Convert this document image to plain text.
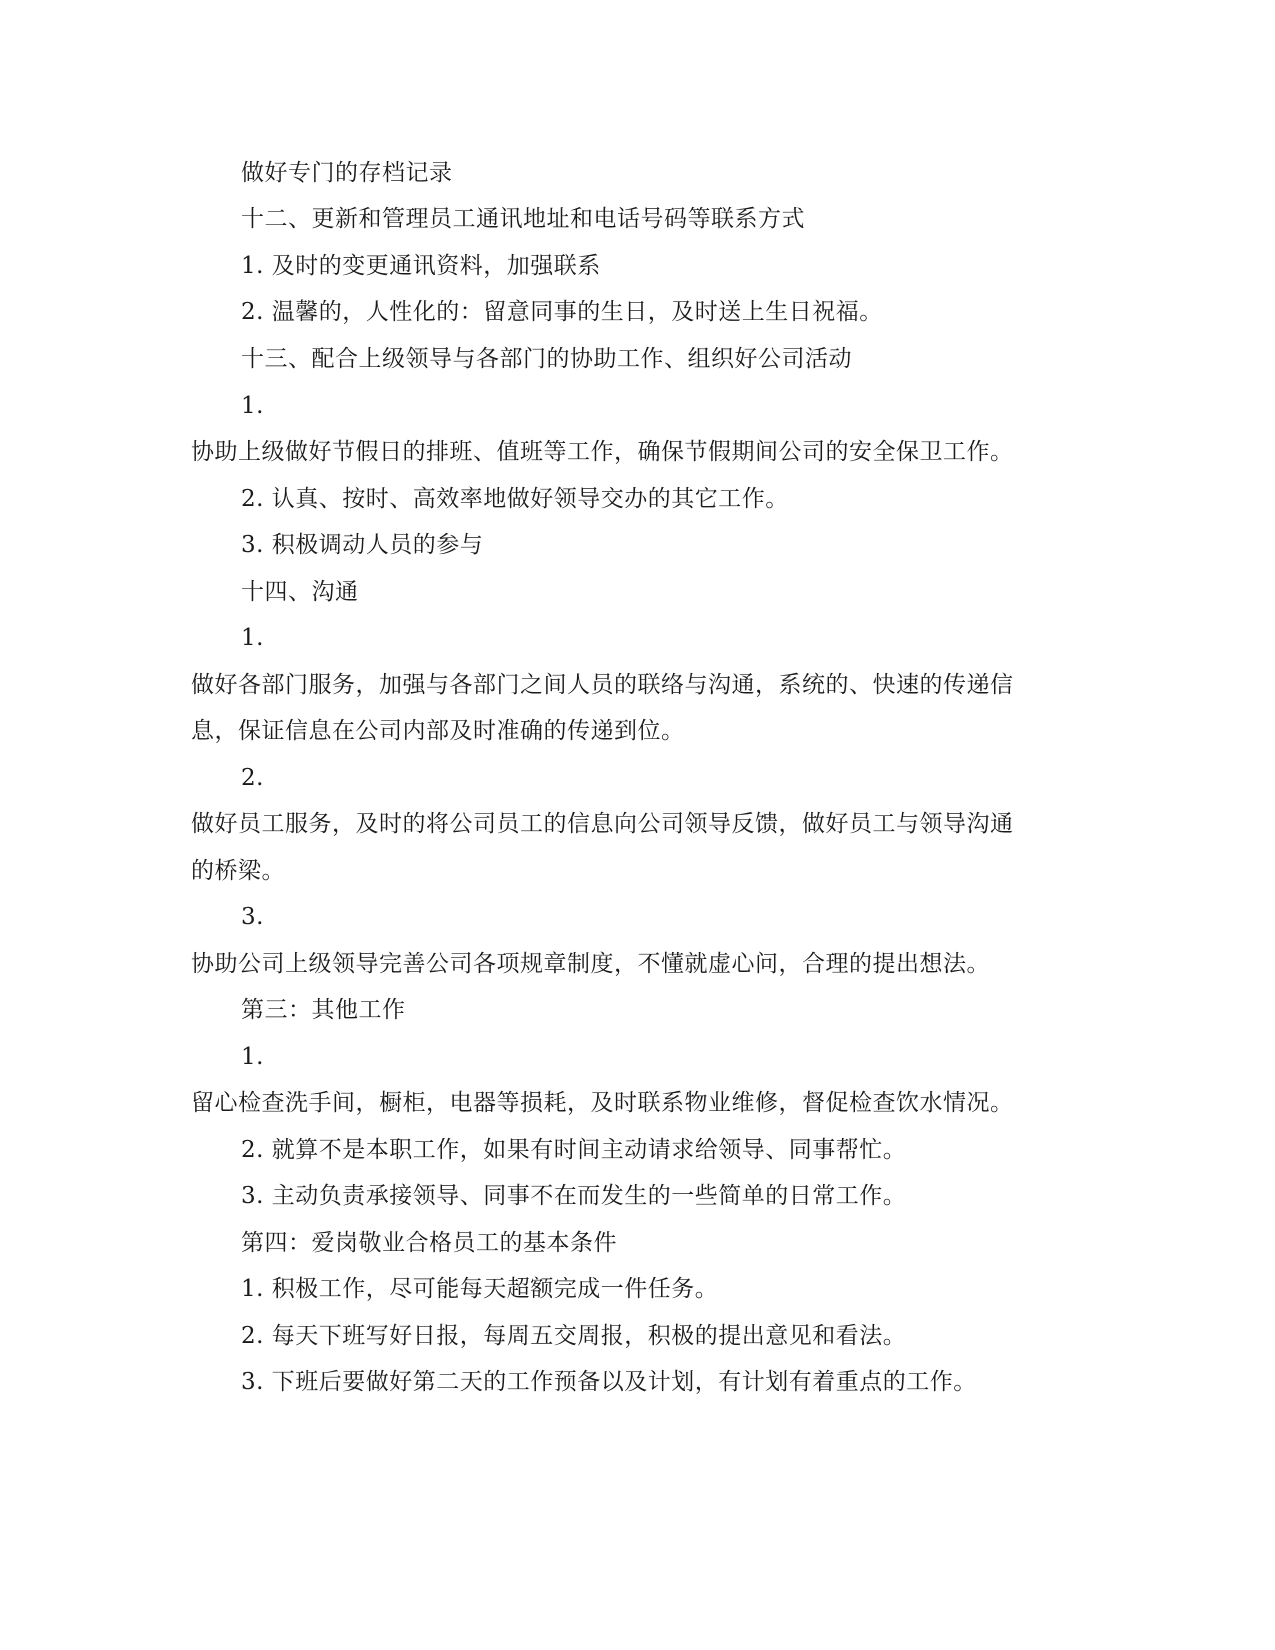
做好专门的存档记录
十二、更新和管理员工通讯地址和电话号码等联系方式
1. 及时的变更通讯资料，加强联系
2. 温馨的，人性化的：留意同事的生日，及时送上生日祝福。
十三、配合上级领导与各部门的协助工作、组织好公司活动
1.
协助上级做好节假日的排班、值班等工作，确保节假期间公司的安全保卫工作。
2. 认真、按时、高效率地做好领导交办的其它工作。
3. 积极调动人员的参与
十四、沟通
1.
做好各部门服务，加强与各部门之间人员的联络与沟通，系统的、快速的传递信
息，保证信息在公司内部及时准确的传递到位。
2.
做好员工服务，及时的将公司员工的信息向公司领导反馈，做好员工与领导沟通
的桥梁。
3.
协助公司上级领导完善公司各项规章制度，不懂就虚心问，合理的提出想法。
第三：其他工作
1.
留心检查洗手间，橱柜，电器等损耗，及时联系物业维修，督促检查饮水情况。
2. 就算不是本职工作，如果有时间主动请求给领导、同事帮忙。
3. 主动负责承接领导、同事不在而发生的一些简单的日常工作。
第四：爱岗敬业合格员工的基本条件
1. 积极工作，尽可能每天超额完成一件任务。
2. 每天下班写好日报，每周五交周报，积极的提出意见和看法。
3. 下班后要做好第二天的工作预备以及计划，有计划有着重点的工作。
